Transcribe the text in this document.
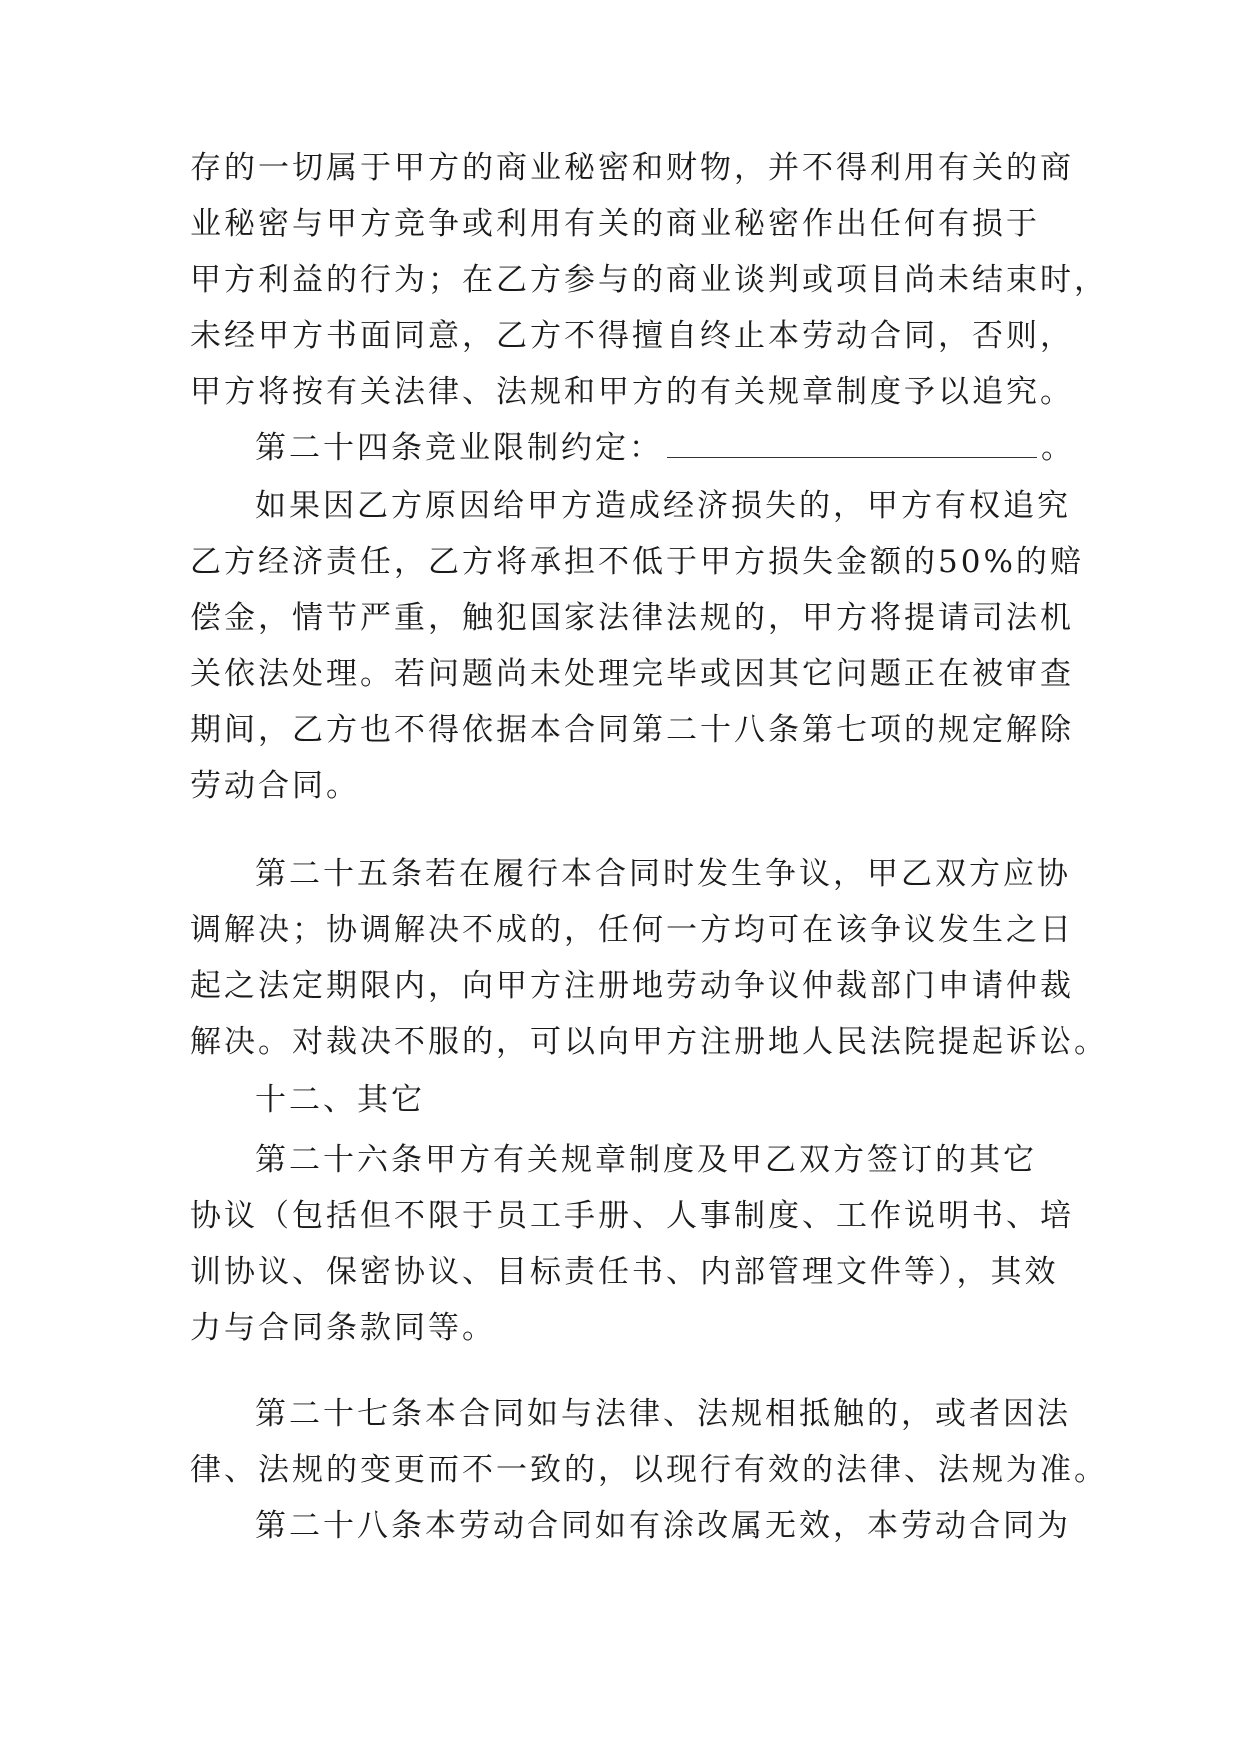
存的一切属于甲方的商业秘密和财物，并不得利用有关的商
业秘密与甲方竞争或利用有关的商业秘密作出任何有损于
甲方利益的行为；在乙方参与的商业谈判或项目尚未结束时，
未经甲方书面同意，乙方不得擅自终止本劳动合同，否则，
甲方将按有关法律、法规和甲方的有关规章制度予以追究。
第二十四条竞业限制约定：	。
如果因乙方原因给甲方造成经济损失的，甲方有权追究
乙方经济责任，乙方将承担不低于甲方损失金额的50%的赔
偿金，情节严重，触犯国家法律法规的，甲方将提请司法机
关依法处理。若问题尚未处理完毕或因其它问题正在被审查
期间，乙方也不得依据本合同第二十八条第七项的规定解除
劳动合同。
第二十五条若在履行本合同时发生争议，甲乙双方应协
调解决；协调解决不成的，任何一方均可在该争议发生之日
起之法定期限内，向甲方注册地劳动争议仲裁部门申请仲裁
解决。对裁决不服的，可以向甲方注册地人民法院提起诉讼。
十二、其它
第二十六条甲方有关规章制度及甲乙双方签订的其它
协议（包括但不限于员工手册、人事制度、工作说明书、培
训协议、保密协议、目标责任书、内部管理文件等），其效
力与合同条款同等。
第二十七条本合同如与法律、法规相抵触的，或者因法
律、法规的变更而不一致的，以现行有效的法律、法规为准。
第二十八条本劳动合同如有涂改属无效，本劳动合同为
